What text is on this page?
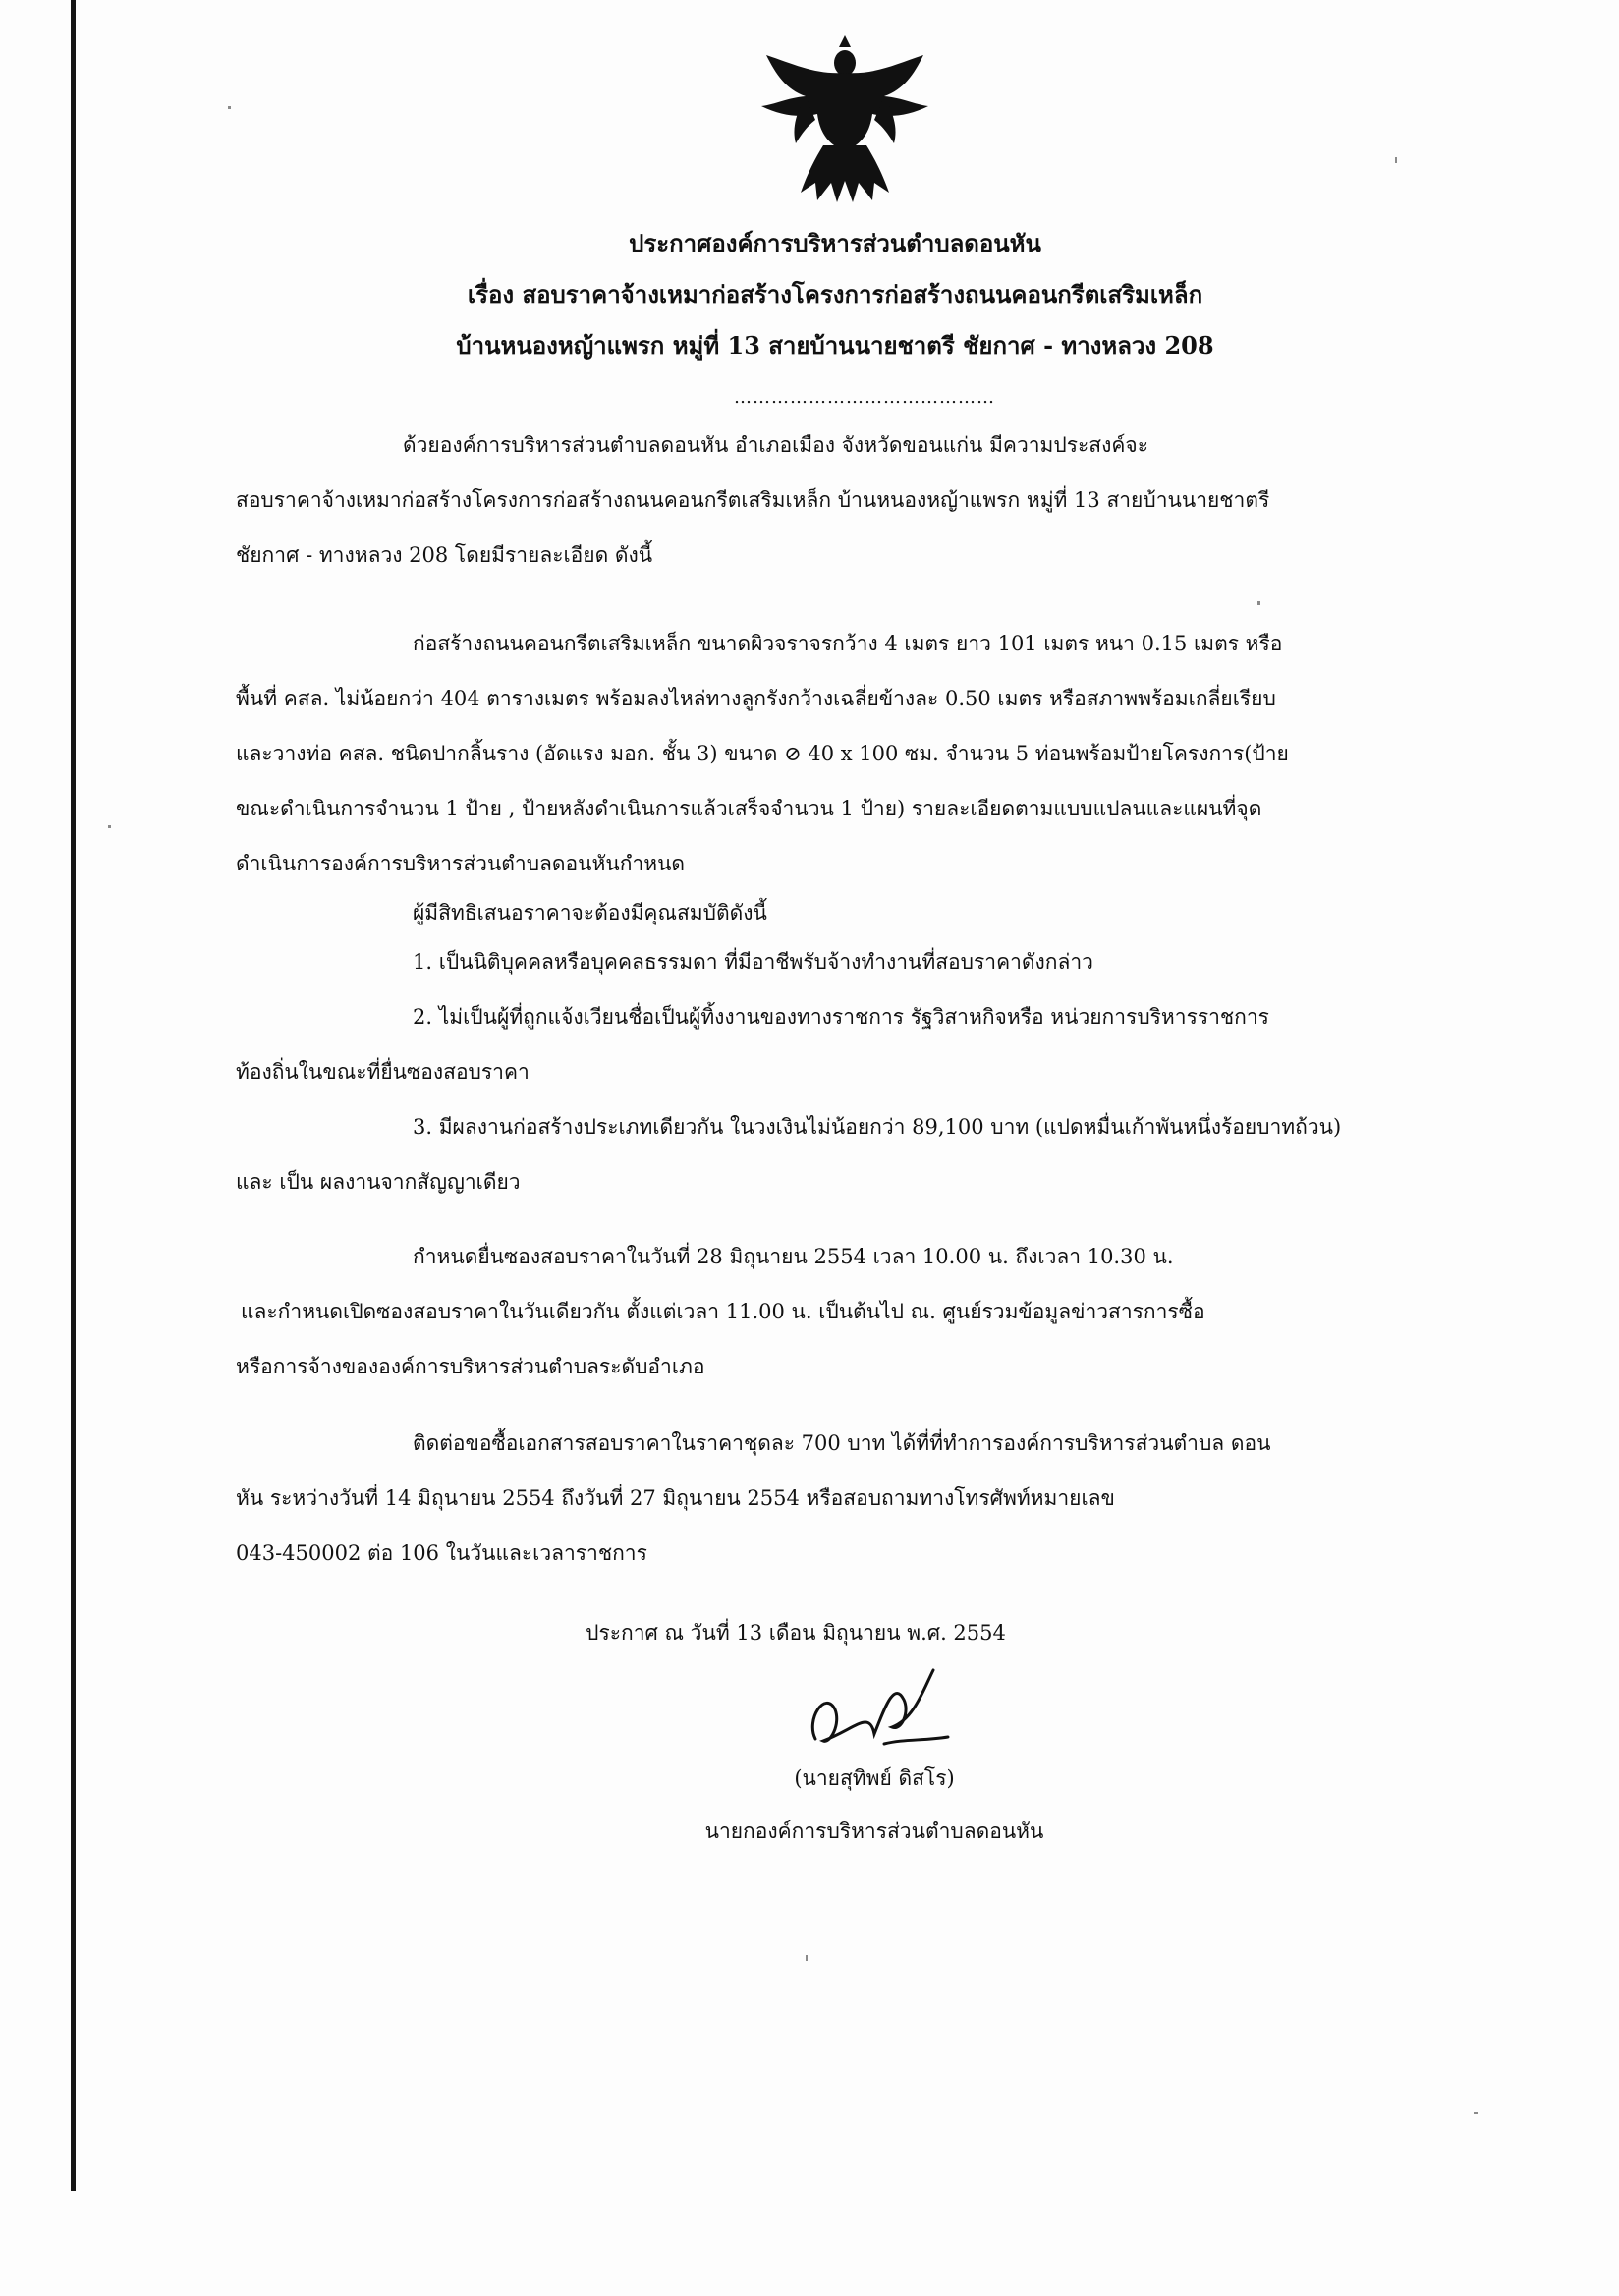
ประกาศองค์การบริหารส่วนตำบลดอนหัน
เรื่อง สอบราคาจ้างเหมาก่อสร้างโครงการก่อสร้างถนนคอนกรีตเสริมเหล็ก
บ้านหนองหญ้าแพรก หมู่ที่ 13 สายบ้านนายชาตรี ชัยกาศ - ทางหลวง 208
……………………………………
ด้วยองค์การบริหารส่วนตำบลดอนหัน อำเภอเมือง จังหวัดขอนแก่น มีความประสงค์จะ
สอบราคาจ้างเหมาก่อสร้างโครงการก่อสร้างถนนคอนกรีตเสริมเหล็ก บ้านหนองหญ้าแพรก หมู่ที่ 13 สายบ้านนายชาตรี
ชัยกาศ - ทางหลวง 208 โดยมีรายละเอียด ดังนี้
ก่อสร้างถนนคอนกรีตเสริมเหล็ก ขนาดผิวจราจรกว้าง 4 เมตร ยาว 101 เมตร หนา 0.15 เมตร หรือ
พื้นที่ คสล. ไม่น้อยกว่า 404 ตารางเมตร พร้อมลงไหล่ทางลูกรังกว้างเฉลี่ยข้างละ 0.50 เมตร หรือสภาพพร้อมเกลี่ยเรียบ
และวางท่อ คสล. ชนิดปากลิ้นราง (อัดแรง มอก. ชั้น 3) ขนาด ⊘ 40 x 100 ซม. จำนวน 5 ท่อนพร้อมป้ายโครงการ(ป้าย
ขณะดำเนินการจำนวน 1 ป้าย , ป้ายหลังดำเนินการแล้วเสร็จจำนวน 1 ป้าย) รายละเอียดตามแบบแปลนและแผนที่จุด
ดำเนินการองค์การบริหารส่วนตำบลดอนหันกำหนด
ผู้มีสิทธิเสนอราคาจะต้องมีคุณสมบัติดังนี้
1. เป็นนิติบุคคลหรือบุคคลธรรมดา ที่มีอาชีพรับจ้างทำงานที่สอบราคาดังกล่าว
2. ไม่เป็นผู้ที่ถูกแจ้งเวียนชื่อเป็นผู้ทิ้งงานของทางราชการ รัฐวิสาหกิจหรือ หน่วยการบริหารราชการ
ท้องถิ่นในขณะที่ยื่นซองสอบราคา
3. มีผลงานก่อสร้างประเภทเดียวกัน ในวงเงินไม่น้อยกว่า 89,100 บาท (แปดหมื่นเก้าพันหนึ่งร้อยบาทถ้วน)
และ เป็น ผลงานจากสัญญาเดียว
กำหนดยื่นซองสอบราคาในวันที่ 28 มิถุนายน 2554 เวลา 10.00 น. ถึงเวลา 10.30 น.
และกำหนดเปิดซองสอบราคาในวันเดียวกัน ตั้งแต่เวลา 11.00 น. เป็นต้นไป ณ. ศูนย์รวมข้อมูลข่าวสารการซื้อ
หรือการจ้างขององค์การบริหารส่วนตำบลระดับอำเภอ
ติดต่อขอซื้อเอกสารสอบราคาในราคาชุดละ 700 บาท ได้ที่ที่ทำการองค์การบริหารส่วนตำบล ดอน
หัน ระหว่างวันที่ 14 มิถุนายน 2554 ถึงวันที่ 27 มิถุนายน 2554 หรือสอบถามทางโทรศัพท์หมายเลข
043-450002 ต่อ 106 ในวันและเวลาราชการ
ประกาศ ณ วันที่ 13 เดือน มิถุนายน พ.ศ. 2554
(นายสุทิพย์ ดิสโร)
นายกองค์การบริหารส่วนตำบลดอนหัน
